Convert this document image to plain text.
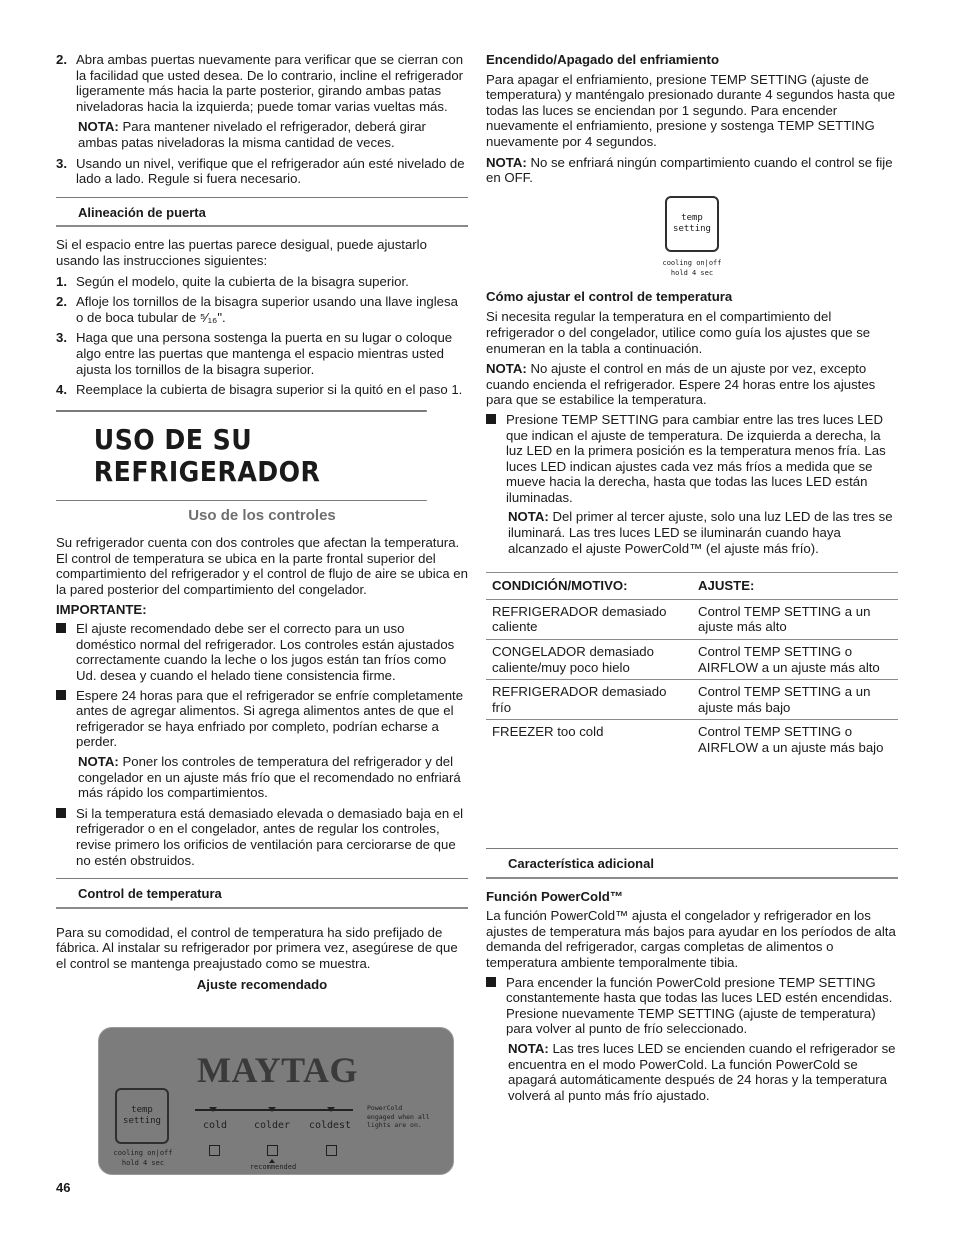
2. Abra ambas puertas nuevamente para verificar que se cierran con la facilidad que usted desea. De lo contrario, incline el refrigerador ligeramente más hacia la parte posterior, girando ambas patas niveladoras hacia la izquierda; puede tomar varias vueltas más.

NOTA: Para mantener nivelado el refrigerador, deberá girar ambas patas niveladoras la misma cantidad de veces.

3. Usando un nivel, verifique que el refrigerador aún esté nivelado de lado a lado. Regule si fuera necesario.
Alineación de puerta

Si el espacio entre las puertas parece desigual, puede ajustarlo usando las instrucciones siguientes:

1. Según el modelo, quite la cubierta de la bisagra superior.
2. Afloje los tornillos de la bisagra superior usando una llave inglesa o de boca tubular de ⁵⁄₁₆".
3. Haga que una persona sostenga la puerta en su lugar o coloque algo entre las puertas que mantenga el espacio mientras usted ajusta los tornillos de la bisagra superior.
4. Reemplace la cubierta de bisagra superior si la quitó en el paso 1.
USO DE SU REFRIGERADOR
Uso de los controles

Su refrigerador cuenta con dos controles que afectan la temperatura. El control de temperatura se ubica en la parte frontal superior del compartimiento del refrigerador y el control de flujo de aire se ubica en la pared posterior del compartimiento del congelador.

IMPORTANTE:

El ajuste recomendado debe ser el correcto para un uso doméstico normal del refrigerador. Los controles están ajustados correctamente cuando la leche o los jugos están tan fríos como Ud. desea y cuando el helado tiene consistencia firme.
Espere 24 horas para que el refrigerador se enfríe completamente antes de agregar alimentos. Si agrega alimentos antes de que el refrigerador se haya enfriado por completo, podrían echarse a perder.

NOTA: Poner los controles de temperatura del refrigerador y del congelador en un ajuste más frío que el recomendado no enfriará más rápido los compartimientos.

Si la temperatura está demasiado elevada o demasiado baja en el refrigerador o en el congelador, antes de regular los controles, revise primero los orificios de ventilación para cerciorarse de que no estén obstruidos.
Control de temperatura

Para su comodidad, el control de temperatura ha sido prefijado de fábrica. Al instalar su refrigerador por primera vez, asegúrese de que el control se mantenga preajustado como se muestra.

Ajuste recomendado

MAYTAG
temp
setting
cooling on|off
hold 4 sec
cold	colder	coldest
recommended
PowerCold
engaged when all
lights are on.

Encendido/Apagado del enfriamiento

Para apagar el enfriamiento, presione TEMP SETTING (ajuste de temperatura) y manténgalo presionado durante 4 segundos hasta que todas las luces se enciendan por 1 segundo. Para encender nuevamente el enfriamiento, presione y sostenga TEMP SETTING nuevamente por 4 segundos.

NOTA: No se enfriará ningún compartimiento cuando el control se fije en OFF.

temp
setting
cooling on|off
hold 4 sec

Cómo ajustar el control de temperatura

Si necesita regular la temperatura en el compartimiento del refrigerador o del congelador, utilice como guía los ajustes que se enumeran en la tabla a continuación.

NOTA: No ajuste el control en más de un ajuste por vez, excepto cuando encienda el refrigerador. Espere 24 horas entre los ajustes para que se estabilice la temperatura.

Presione TEMP SETTING para cambiar entre las tres luces LED que indican el ajuste de temperatura. De izquierda a derecha, la luz LED en la primera posición es la temperatura menos fría. Las luces LED indican ajustes cada vez más fríos a medida que se mueve hacia la derecha, hasta que todas las luces LED están iluminadas.

NOTA: Del primer al tercer ajuste, solo una luz LED de las tres se iluminará. Las tres luces LED se iluminarán cuando haya alcanzado el ajuste PowerCold™ (el ajuste más frío).

CONDICIÓN/MOTIVO:	AJUSTE:
REFRIGERADOR demasiado caliente	Control TEMP SETTING a un ajuste más alto
CONGELADOR demasiado caliente/muy poco hielo	Control TEMP SETTING o AIRFLOW a un ajuste más alto
REFRIGERADOR demasiado frío	Control TEMP SETTING a un ajuste más bajo
FREEZER too cold	Control TEMP SETTING o AIRFLOW a un ajuste más bajo
Característica adicional

Función PowerCold™

La función PowerCold™ ajusta el congelador y refrigerador en los ajustes de temperatura más bajos para ayudar en los períodos de alta demanda del refrigerador, cargas completas de alimentos o temperatura ambiente temporalmente tibia.

Para encender la función PowerCold presione TEMP SETTING constantemente hasta que todas las luces LED estén encendidas. Presione nuevamente TEMP SETTING (ajuste de temperatura) para volver al punto de frío seleccionado.

NOTA: Las tres luces LED se encienden cuando el refrigerador se encuentra en el modo PowerCold. La función PowerCold se apagará automáticamente después de 24 horas y la temperatura volverá al punto más frío ajustado.

46
